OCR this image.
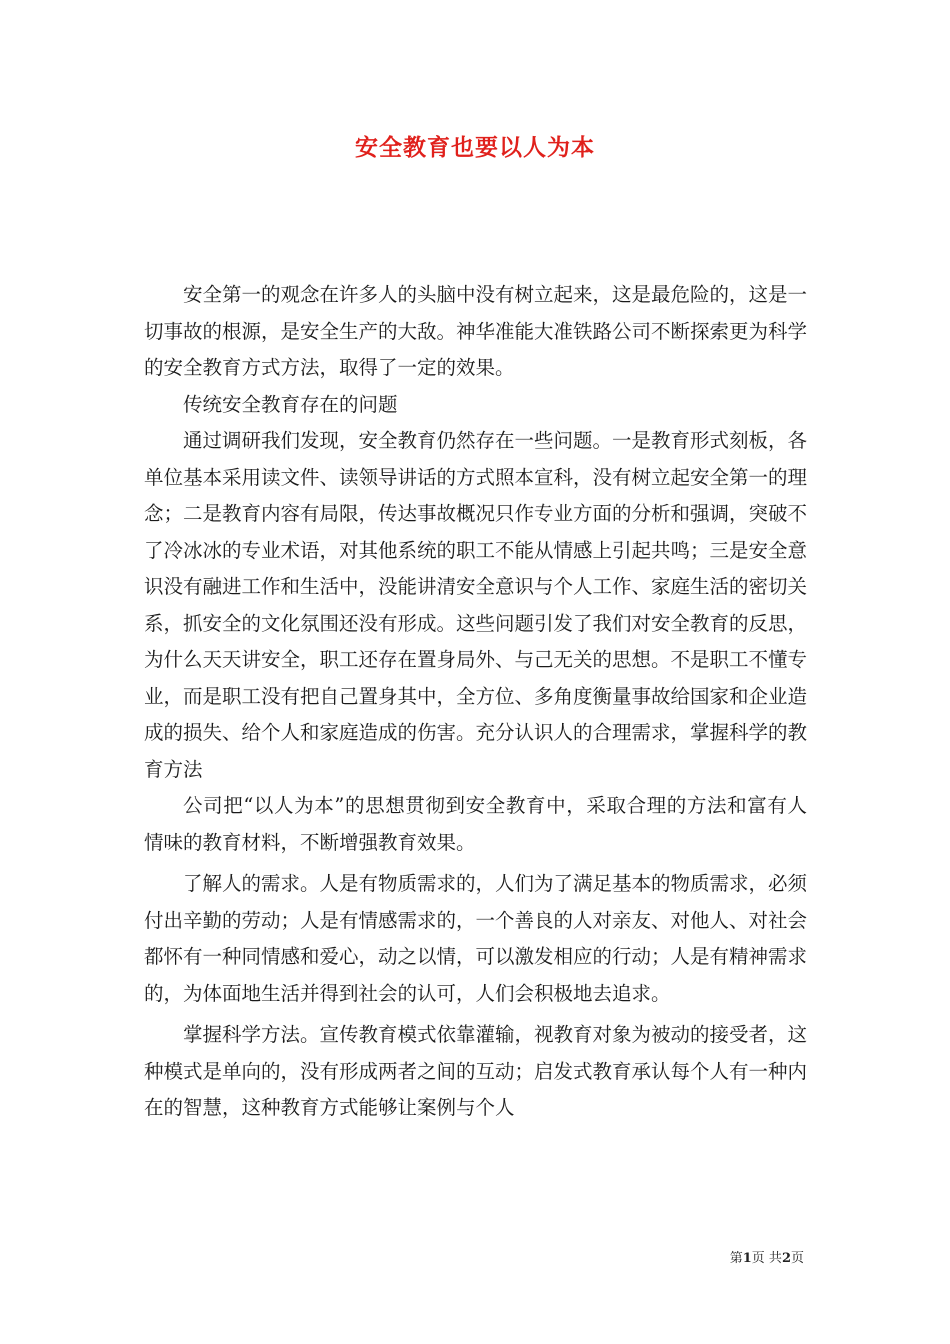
安全教育也要以人为本

安全第一的观念在许多人的头脑中没有树立起来，这是最危险的，这是一切事故的根源，是安全生产的大敌。神华准能大准铁路公司不断探索更为科学的安全教育方式方法，取得了一定的效果。

传统安全教育存在的问题

通过调研我们发现，安全教育仍然存在一些问题。一是教育形式刻板，各单位基本采用读文件、读领导讲话的方式照本宣科，没有树立起安全第一的理念；二是教育内容有局限，传达事故概况只作专业方面的分析和强调，突破不了冷冰冰的专业术语，对其他系统的职工不能从情感上引起共鸣；三是安全意识没有融进工作和生活中，没能讲清安全意识与个人工作、家庭生活的密切关系，抓安全的文化氛围还没有形成。这些问题引发了我们对安全教育的反思，为什么天天讲安全，职工还存在置身局外、与己无关的思想。不是职工不懂专业，而是职工没有把自己置身其中，全方位、多角度衡量事故给国家和企业造成的损失、给个人和家庭造成的伤害。充分认识人的合理需求，掌握科学的教育方法

公司把“以人为本”的思想贯彻到安全教育中，采取合理的方法和富有人情味的教育材料，不断增强教育效果。

了解人的需求。人是有物质需求的，人们为了满足基本的物质需求，必须付出辛勤的劳动；人是有情感需求的，一个善良的人对亲友、对他人、对社会都怀有一种同情感和爱心，动之以情，可以激发相应的行动；人是有精神需求的，为体面地生活并得到社会的认可，人们会积极地去追求。

掌握科学方法。宣传教育模式依靠灌输，视教育对象为被动的接受者，这种模式是单向的，没有形成两者之间的互动；启发式教育承认每个人有一种内在的智慧，这种教育方式能够让案例与个人

第1页 共2页
